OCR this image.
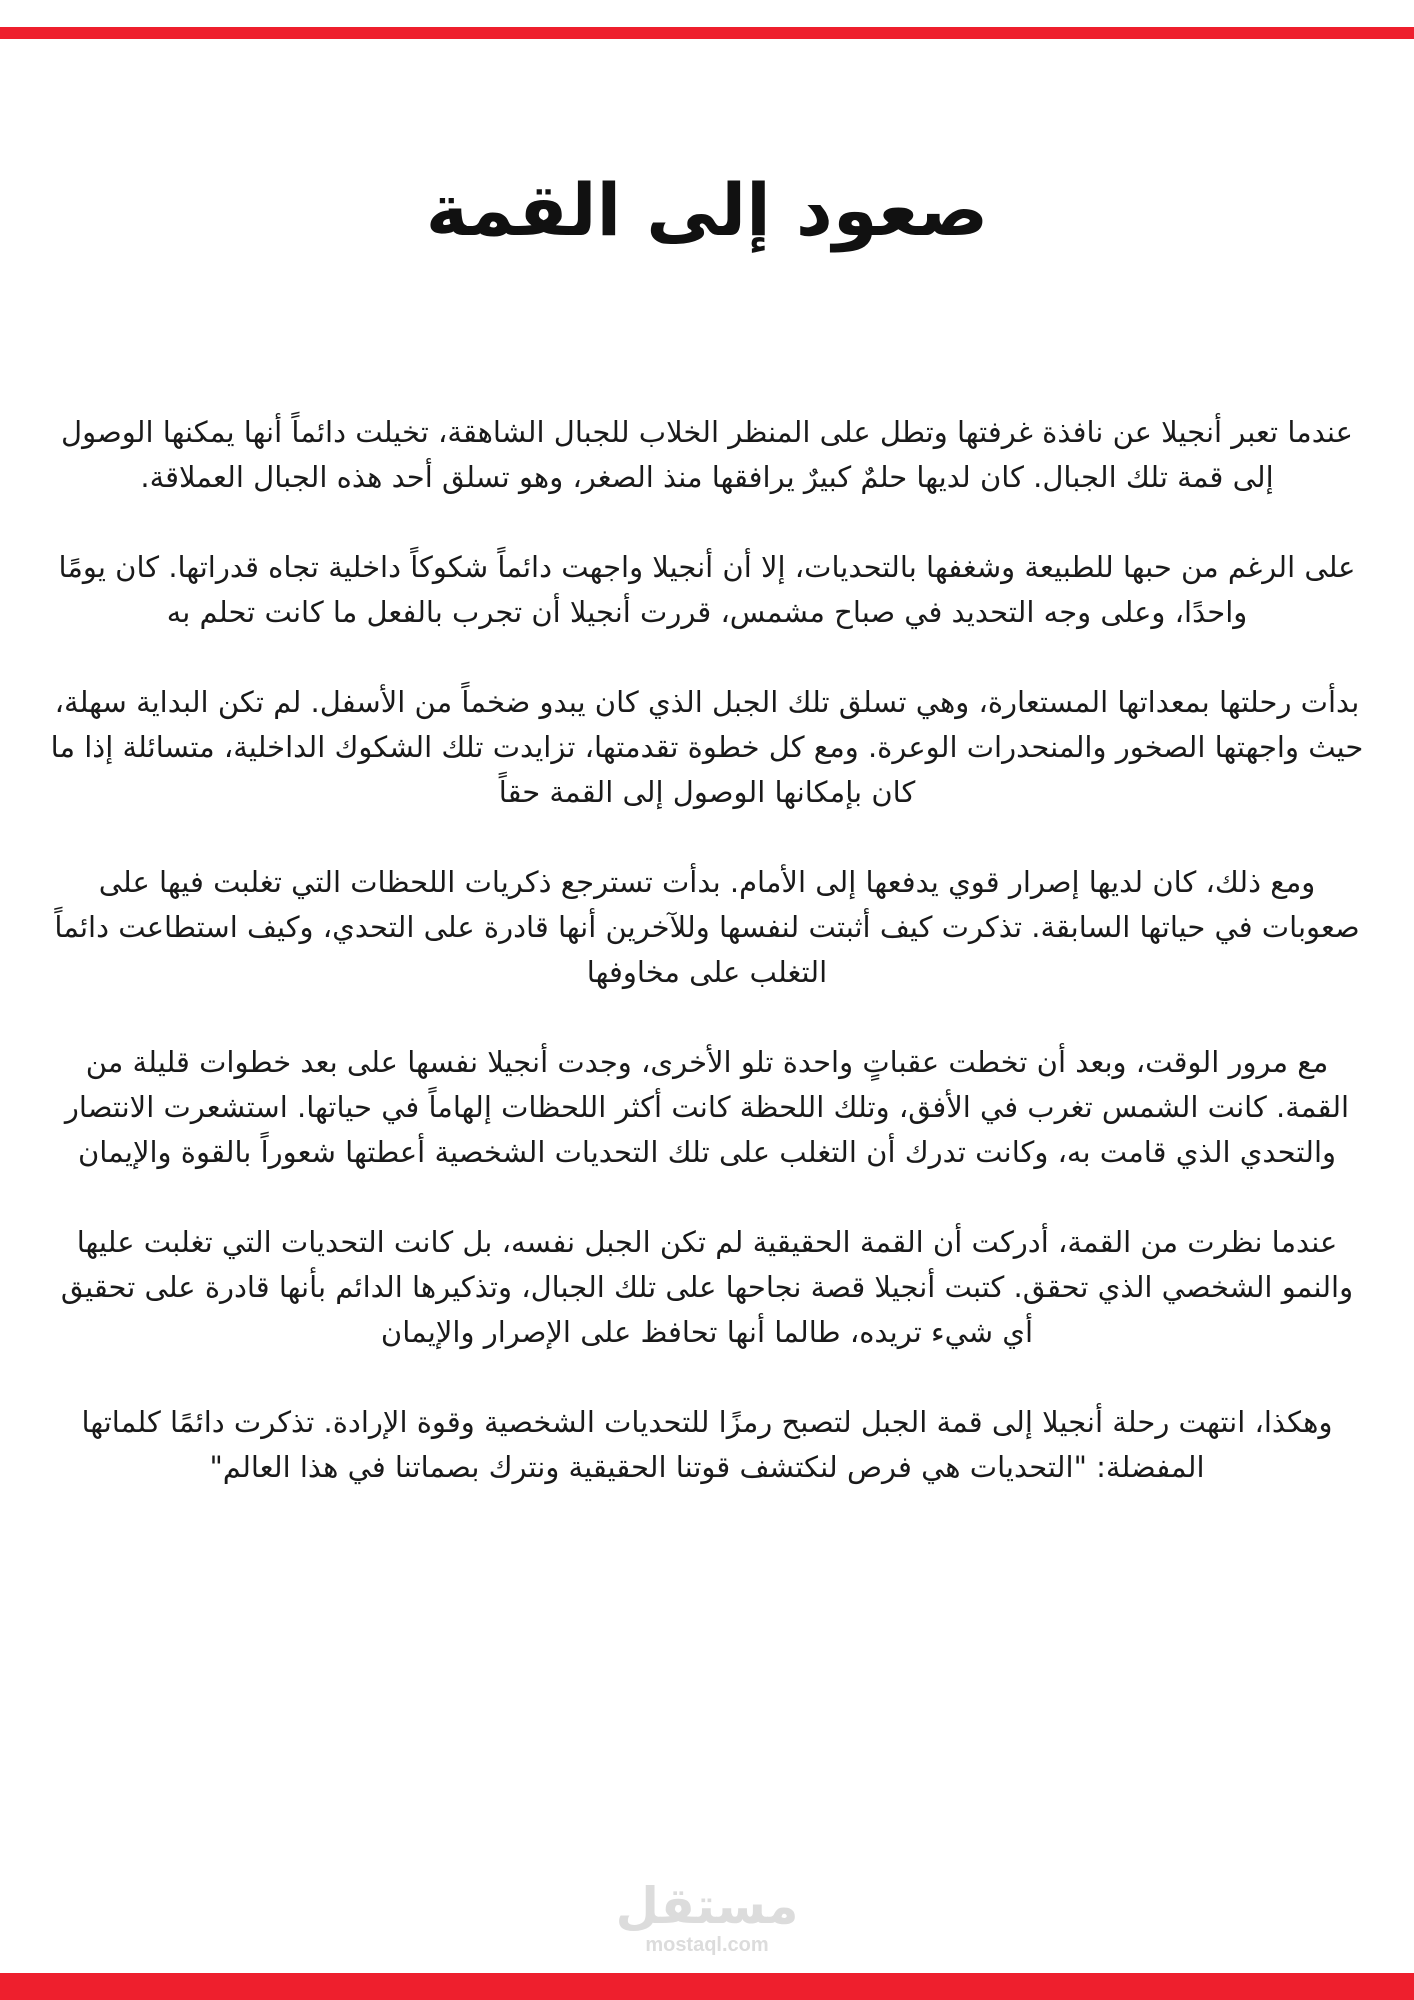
صعود إلى القمة

عندما تعبر أنجيلا عن نافذة غرفتها وتطل على المنظر الخلاب للجبال الشاهقة، تخيلت دائماً أنها يمكنها الوصول إلى قمة تلك الجبال. كان لديها حلمٌ كبيرٌ يرافقها منذ الصغر، وهو تسلق أحد هذه الجبال العملاقة.

على الرغم من حبها للطبيعة وشغفها بالتحديات، إلا أن أنجيلا واجهت دائماً شكوكاً داخلية تجاه قدراتها. كان يومًا واحدًا، وعلى وجه التحديد في صباح مشمس، قررت أنجيلا أن تجرب بالفعل ما كانت تحلم به

بدأت رحلتها بمعداتها المستعارة، وهي تسلق تلك الجبل الذي كان يبدو ضخماً من الأسفل. لم تكن البداية سهلة، حيث واجهتها الصخور والمنحدرات الوعرة. ومع كل خطوة تقدمتها، تزايدت تلك الشكوك الداخلية، متسائلة إذا ما كان بإمكانها الوصول إلى القمة حقاً

ومع ذلك، كان لديها إصرار قوي يدفعها إلى الأمام. بدأت تسترجع ذكريات اللحظات التي تغلبت فيها على صعوبات في حياتها السابقة. تذكرت كيف أثبتت لنفسها وللآخرين أنها قادرة على التحدي، وكيف استطاعت دائماً التغلب على مخاوفها

مع مرور الوقت، وبعد أن تخطت عقباتٍ واحدة تلو الأخرى، وجدت أنجيلا نفسها على بعد خطوات قليلة من القمة. كانت الشمس تغرب في الأفق، وتلك اللحظة كانت أكثر اللحظات إلهاماً في حياتها. استشعرت الانتصار والتحدي الذي قامت به، وكانت تدرك أن التغلب على تلك التحديات الشخصية أعطتها شعوراً بالقوة والإيمان

عندما نظرت من القمة، أدركت أن القمة الحقيقية لم تكن الجبل نفسه، بل كانت التحديات التي تغلبت عليها والنمو الشخصي الذي تحقق. كتبت أنجيلا قصة نجاحها على تلك الجبال، وتذكيرها الدائم بأنها قادرة على تحقيق أي شيء تريده، طالما أنها تحافظ على الإصرار والإيمان

وهكذا، انتهت رحلة أنجيلا إلى قمة الجبل لتصبح رمزًا للتحديات الشخصية وقوة الإرادة. تذكرت دائمًا كلماتها المفضلة: "التحديات هي فرص لنكتشف قوتنا الحقيقية ونترك بصماتنا في هذا العالم"

مستقل
mostaql.com
